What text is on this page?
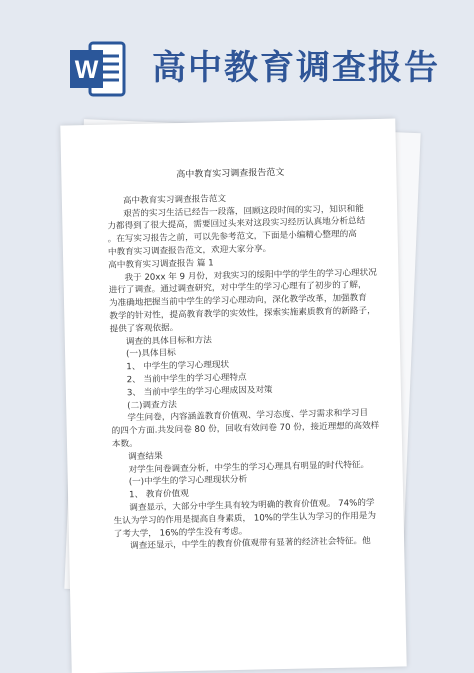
W 高中教育调查报告
高中教育实习调查报告范文
高中教育实习调查报告范文
艰苦的实习生活已经告一段落，回顾这段时间的实习，知识和能
力都得到了很大提高，需要回过头来对这段实习经历认真地分析总结
。在写实习报告之前，可以先参考范文，下面是小编精心整理的高
中教育实习调查报告范文，欢迎大家分享。
高中教育实习调查报告 篇 1
我于 20xx 年 9 月份，对我实习的绥阳中学的学生的学习心理状况
进行了调查。通过调查研究，对中学生的学习心理有了初步的了解，
为准确地把握当前中学生的学习心理动向，深化教学改革，加强教育
教学的针对性，提高教育教学的实效性，探索实施素质教育的新路子，
提供了客观依据。
调查的具体目标和方法
(一)具体目标
1、 中学生的学习心理现状
2、 当前中学生的学习心理特点
3、 当前中学生的学习心理成因及对策
(二)调查方法
学生问卷，内容涵盖教育价值观、学习态度、学习需求和学习目
的四个方面.共发问卷 80 份，回收有效问卷 70 份，接近理想的高效样
本数。
调查结果
对学生问卷调查分析，中学生的学习心理具有明显的时代特征。
(一)中学生的学习心理现状分析
1、 教育价值观
调查显示，大部分中学生具有较为明确的教育价值观。 74%的学
生认为学习的作用是提高自身素质， 10%的学生认为学习的作用是为
了考大学， 16%的学生没有考虑。
调查还显示，中学生的教育价值观带有显著的经济社会特征。他
